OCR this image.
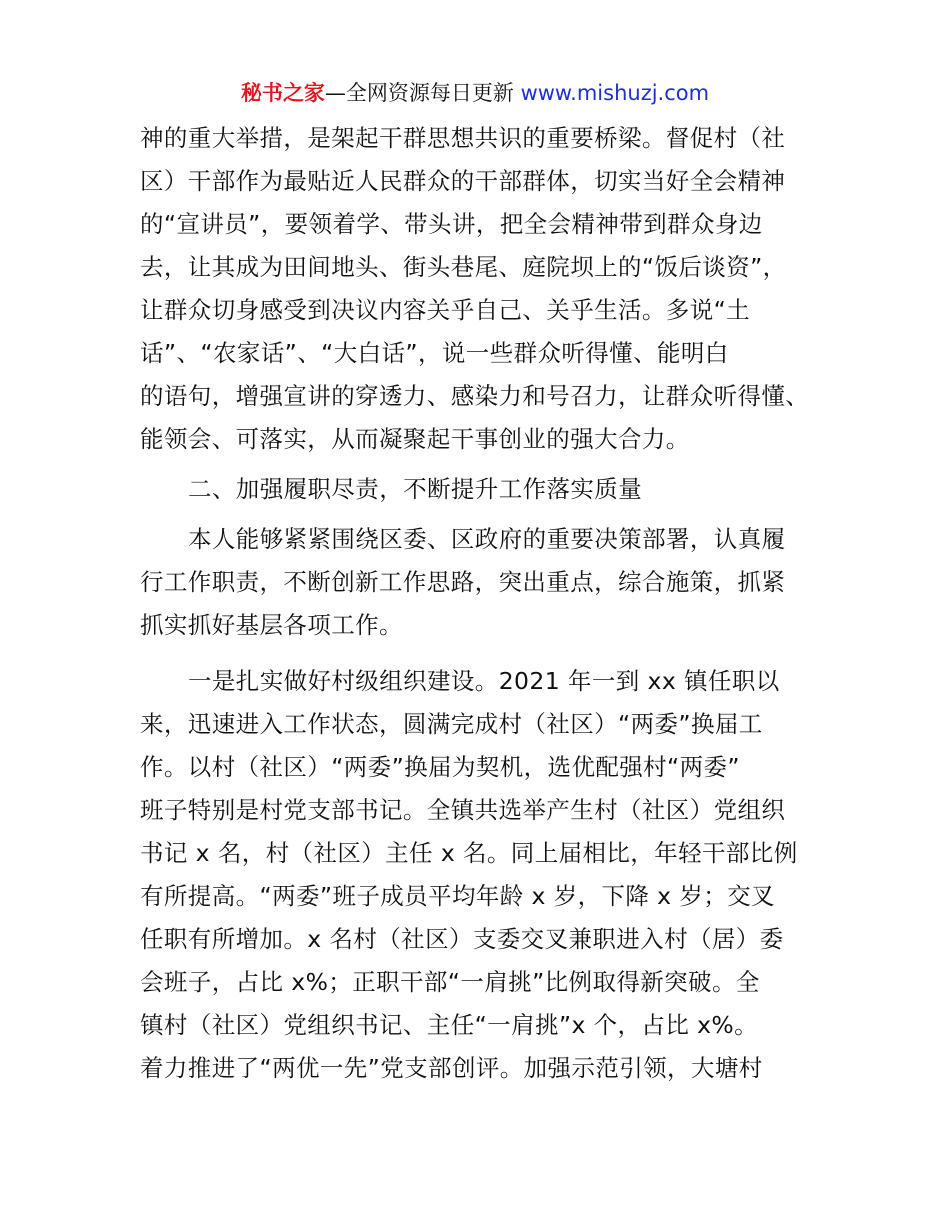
秘书之家—全网资源每日更新 www.mishuzj.com
神的重大举措，是架起干群思想共识的重要桥梁。督促村（社
区）干部作为最贴近人民群众的干部群体，切实当好全会精神
的“宣讲员”，要领着学、带头讲，把全会精神带到群众身边
去，让其成为田间地头、街头巷尾、庭院坝上的“饭后谈资”，
让群众切身感受到决议内容关乎自己、关乎生活。多说“土
话”、“农家话”、“大白话”，说一些群众听得懂、能明白
的语句，增强宣讲的穿透力、感染力和号召力，让群众听得懂、
能领会、可落实，从而凝聚起干事创业的强大合力。
二、加强履职尽责，不断提升工作落实质量
本人能够紧紧围绕区委、区政府的重要决策部署，认真履
行工作职责，不断创新工作思路，突出重点，综合施策，抓紧
抓实抓好基层各项工作。
一是扎实做好村级组织建设。2021 年一到 xx 镇任职以
来，迅速进入工作状态，圆满完成村（社区）“两委”换届工
作。以村（社区）“两委”换届为契机，选优配强村“两委”
班子特别是村党支部书记。全镇共选举产生村（社区）党组织
书记 x 名，村（社区）主任 x 名。同上届相比，年轻干部比例
有所提高。“两委”班子成员平均年龄 x 岁，下降 x 岁；交叉
任职有所增加。x 名村（社区）支委交叉兼职进入村（居）委
会班子，占比 x%；正职干部“一肩挑”比例取得新突破。全
镇村（社区）党组织书记、主任“一肩挑”x 个，占比 x%。
着力推进了“两优一先”党支部创评。加强示范引领，大塘村
